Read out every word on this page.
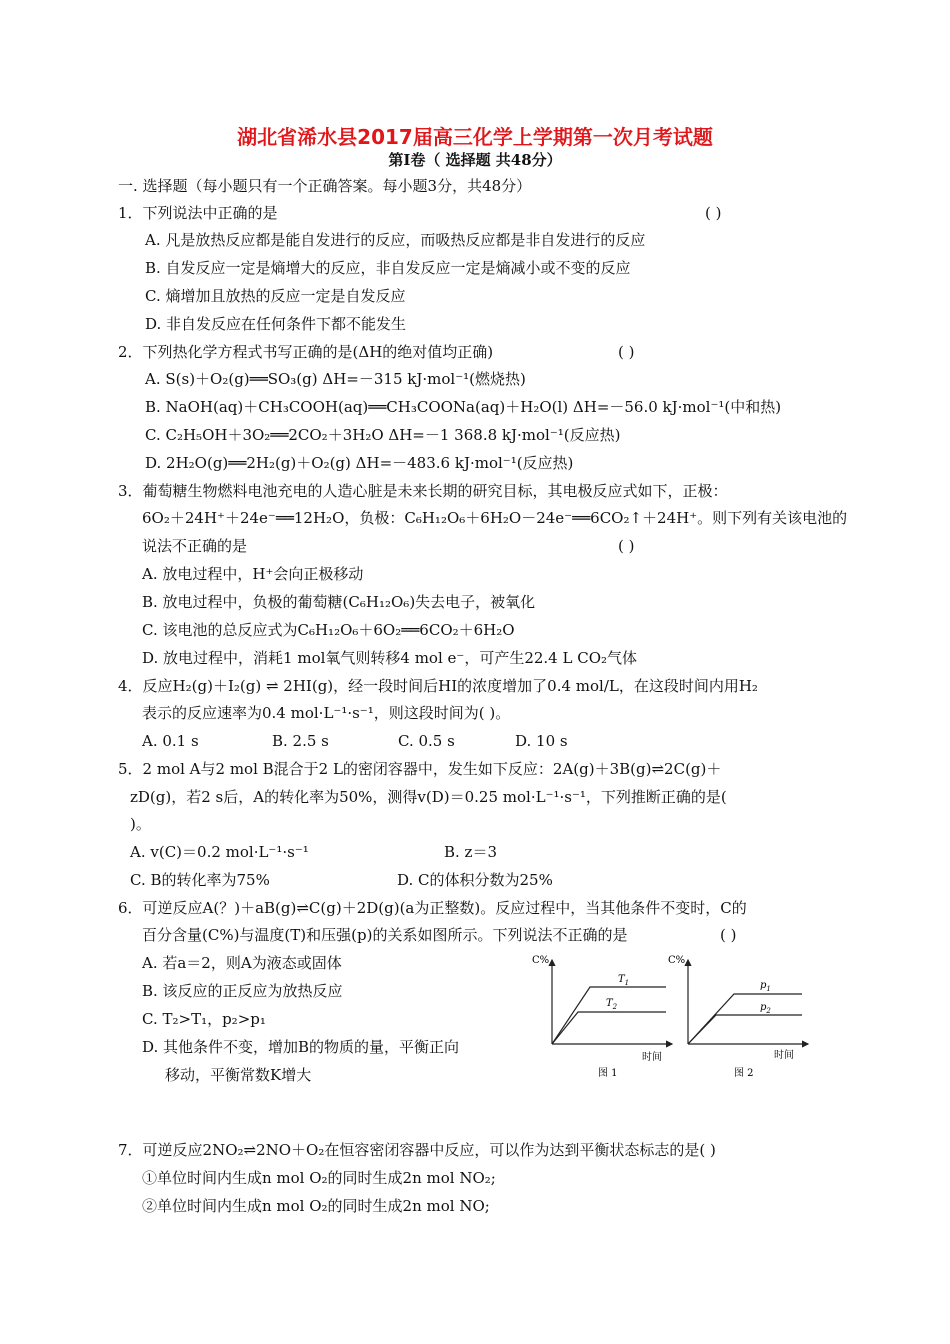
湖北省浠水县2017届高三化学上学期第一次月考试题
第Ⅰ卷（ 选择题 共48分）
一. 选择题（每小题只有一个正确答案。每小题3分，共48分）
1．下列说法中正确的是	( )
A. 凡是放热反应都是能自发进行的反应，而吸热反应都是非自发进行的反应
B. 自发反应一定是熵增大的反应，非自发反应一定是熵减小或不变的反应
C. 熵增加且放热的反应一定是自发反应
D. 非自发反应在任何条件下都不能发生
2．下列热化学方程式书写正确的是(ΔH的绝对值均正确)	( )
A. S(s)＋O₂(g)══SO₃(g) ΔH=－315 kJ·mol⁻¹(燃烧热)
B. NaOH(aq)＋CH₃COOH(aq)══CH₃COONa(aq)＋H₂O(l) ΔH=－56.0 kJ·mol⁻¹(中和热)
C. C₂H₅OH＋3O₂══2CO₂＋3H₂O ΔH=－1 368.8 kJ·mol⁻¹(反应热)
D. 2H₂O(g)══2H₂(g)＋O₂(g) ΔH=－483.6 kJ·mol⁻¹(反应热)
3．葡萄糖生物燃料电池充电的人造心脏是未来长期的研究目标，其电极反应式如下，正极：
6O₂＋24H⁺＋24e⁻══12H₂O，负极：C₆H₁₂O₆＋6H₂O－24e⁻══6CO₂↑＋24H⁺。则下列有关该电池的
说法不正确的是	( )
A. 放电过程中，H⁺会向正极移动
B. 放电过程中，负极的葡萄糖(C₆H₁₂O₆)失去电子，被氧化
C. 该电池的总反应式为C₆H₁₂O₆＋6O₂══6CO₂＋6H₂O
D. 放电过程中，消耗1 mol氧气则转移4 mol e⁻，可产生22.4 L CO₂气体
4．反应H₂(g)＋I₂(g) ⇌ 2HI(g)，经一段时间后HI的浓度增加了0.4 mol/L，在这段时间内用H₂
表示的反应速率为0.4 mol·L⁻¹·s⁻¹，则这段时间为( )。
A. 0.1 s	B. 2.5 s	C. 0.5 s	D. 10 s
5．2 mol A与2 mol B混合于2 L的密闭容器中，发生如下反应：2A(g)＋3B(g)⇌2C(g)＋
zD(g)，若2 s后，A的转化率为50%，测得v(D)＝0.25 mol·L⁻¹·s⁻¹，下列推断正确的是(
)。
A. v(C)＝0.2 mol·L⁻¹·s⁻¹	B. z＝3
C. B的转化率为75%	D. C的体积分数为25%
6．可逆反应A(？)＋aB(g)⇌C(g)＋2D(g)(a为正整数)。反应过程中，当其他条件不变时，C的
百分含量(C%)与温度(T)和压强(p)的关系如图所示。下列说法不正确的是	( )
A. 若a＝2，则A为液态或固体
B. 该反应的正反应为放热反应
C. T₂>T₁，p₂>p₁
D. 其他条件不变，增加B的物质的量，平衡正向
移动，平衡常数K增大
C%
$T_1$
$T_2$
时间
图 1
C%
$p_1$
$p_2$
时间
图 2
7．可逆反应2NO₂⇌2NO＋O₂在恒容密闭容器中反应，可以作为达到平衡状态标志的是( )
①单位时间内生成n mol O₂的同时生成2n mol NO₂;
②单位时间内生成n mol O₂的同时生成2n mol NO;
